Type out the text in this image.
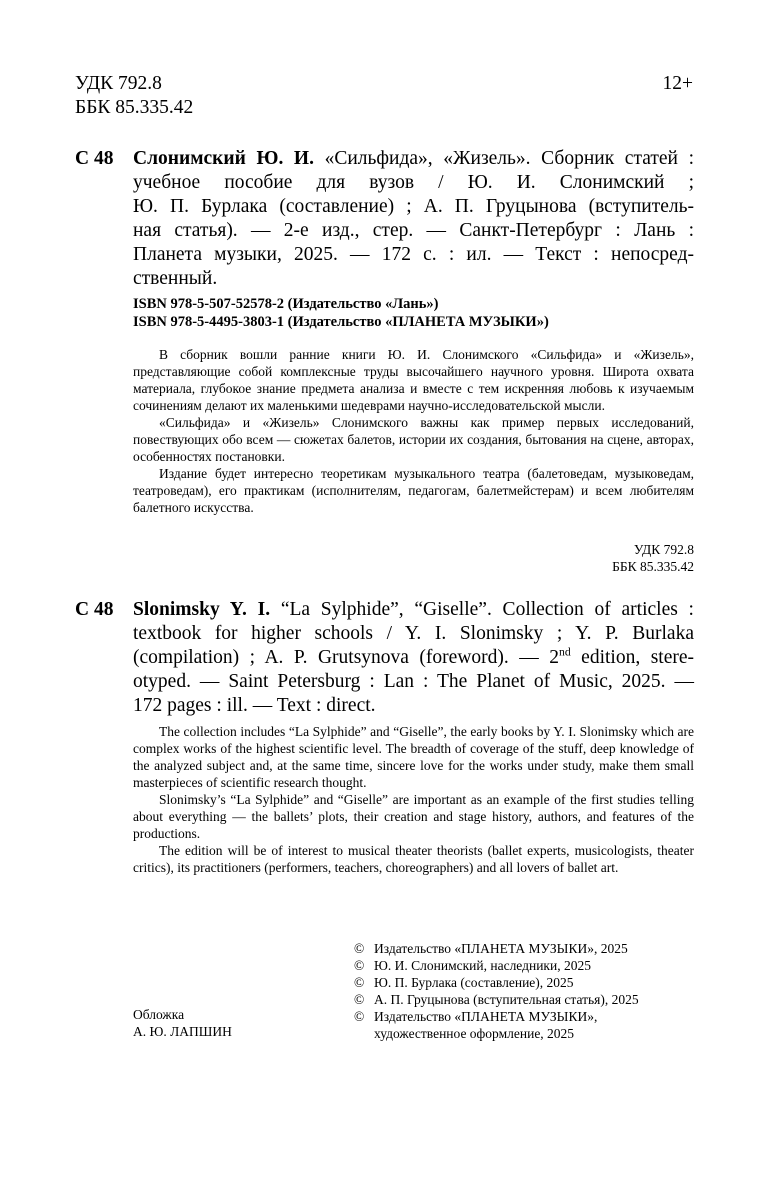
УДК 792.8
ББК 85.335.42
12+
С 48 Слонимский Ю. И. «Сильфида», «Жизель». Сборник статей :
учебное пособие для вузов / Ю. И. Слонимский ;
Ю. П. Бурлака (составление) ; А. П. Груцынова (вступитель-
ная статья). — 2-е изд., стер. — Санкт-Петербург : Лань :
Планета музыки, 2025. — 172 с. : ил. — Текст : непосред-
ственный.
ISBN 978-5-507-52578-2 (Издательство «Лань»)
ISBN 978-5-4495-3803-1 (Издательство «ПЛАНЕТА МУЗЫКИ»)

В сборник вошли ранние книги Ю. И. Слонимского «Сильфида» и «Жизель», представляющие собой комплексные труды высочайшего научного уровня. Широта охвата материала, глубокое знание предмета анализа и вместе с тем искренняя любовь к изучаемым сочинениям делают их маленькими шедеврами научно-исследовательской мысли.

«Сильфида» и «Жизель» Слонимского важны как пример первых исследований, повествующих обо всем — сюжетах балетов, истории их создания, бытования на сцене, авторах, особенностях постановки.

Издание будет интересно теоретикам музыкального театра (балетоведам, музыковедам, театроведам), его практикам (исполнителям, педагогам, балетмейстерам) и всем любителям балетного искусства.

УДК 792.8
ББК 85.335.42
С 48 Slonimsky Y. I. “La Sylphide”, “Giselle”. Collection of articles :
textbook for higher schools / Y. I. Slonimsky ; Y. P. Burlaka
(compilation) ; A. P. Grutsynova (foreword). — 2nd edition, stere-
otyped. — Saint Petersburg : Lan : The Planet of Music, 2025. —
172 pages : ill. — Text : direct.

The collection includes “La Sylphide” and “Giselle”, the early books by Y. I. Slonimsky which are complex works of the highest scientific level. The breadth of coverage of the stuff, deep knowledge of the analyzed subject and, at the same time, sincere love for the works under study, make them small masterpieces of scientific research thought.

Slonimsky’s “La Sylphide” and “Giselle” are important as an example of the first studies telling about everything — the ballets’ plots, their creation and stage history, authors, and features of the productions.

The edition will be of interest to musical theater theorists (ballet experts, musicologists, theater critics), its practitioners (performers, teachers, choreographers) and all lovers of ballet art.

Обложка
А. Ю. ЛАПШИН
© Издательство «ПЛАНЕТА МУЗЫКИ», 2025
© Ю. И. Слонимский, наследники, 2025
© Ю. П. Бурлака (составление), 2025
© А. П. Груцынова (вступительная статья), 2025
© Издательство «ПЛАНЕТА МУЗЫКИ»,
художественное оформление, 2025
